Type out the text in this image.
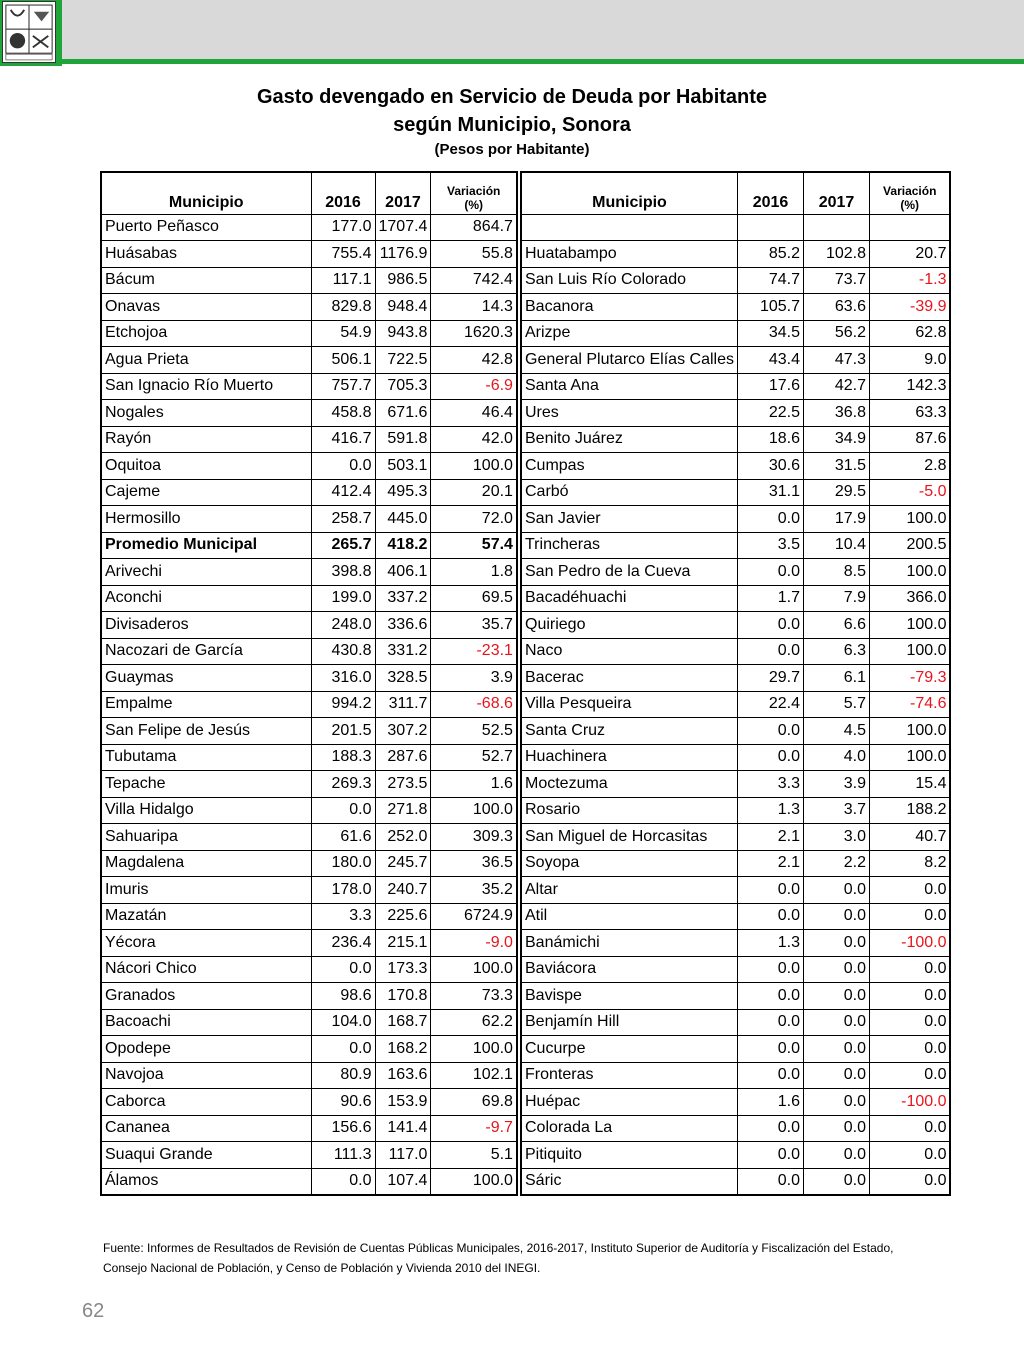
Gasto devengado en Servicio de Deuda por Habitante
según Municipio, Sonora
(Pesos por Habitante)
Municipio	2016	2017	Variación
(%)

Puerto Peñasco	177.0	1707.4	864.7
Huásabas	755.4	1176.9	55.8
Bácum	117.1	986.5	742.4
Onavas	829.8	948.4	14.3
Etchojoa	54.9	943.8	1620.3
Agua Prieta	506.1	722.5	42.8
San Ignacio Río Muerto	757.7	705.3	-6.9
Nogales	458.8	671.6	46.4
Rayón	416.7	591.8	42.0
Oquitoa	0.0	503.1	100.0
Cajeme	412.4	495.3	20.1
Hermosillo	258.7	445.0	72.0
Promedio Municipal	265.7	418.2	57.4
Arivechi	398.8	406.1	1.8
Aconchi	199.0	337.2	69.5
Divisaderos	248.0	336.6	35.7
Nacozari de García	430.8	331.2	-23.1
Guaymas	316.0	328.5	3.9
Empalme	994.2	311.7	-68.6
San Felipe de Jesús	201.5	307.2	52.5
Tubutama	188.3	287.6	52.7
Tepache	269.3	273.5	1.6
Villa Hidalgo	0.0	271.8	100.0
Sahuaripa	61.6	252.0	309.3
Magdalena	180.0	245.7	36.5
Imuris	178.0	240.7	35.2
Mazatán	3.3	225.6	6724.9
Yécora	236.4	215.1	-9.0
Nácori Chico	0.0	173.3	100.0
Granados	98.6	170.8	73.3
Bacoachi	104.0	168.7	62.2
Opodepe	0.0	168.2	100.0
Navojoa	80.9	163.6	102.1
Caborca	90.6	153.9	69.8
Cananea	156.6	141.4	-9.7
Suaqui Grande	111.3	117.0	5.1
Álamos	0.0	107.4	100.0
Municipio	2016	2017	Variación
(%)

Huatabampo	85.2	102.8	20.7
San Luis Río Colorado	74.7	73.7	-1.3
Bacanora	105.7	63.6	-39.9
Arizpe	34.5	56.2	62.8
General Plutarco Elías Calles	43.4	47.3	9.0
Santa Ana	17.6	42.7	142.3
Ures	22.5	36.8	63.3
Benito Juárez	18.6	34.9	87.6
Cumpas	30.6	31.5	2.8
Carbó	31.1	29.5	-5.0
San Javier	0.0	17.9	100.0
Trincheras	3.5	10.4	200.5
San Pedro de la Cueva	0.0	8.5	100.0
Bacadéhuachi	1.7	7.9	366.0
Quiriego	0.0	6.6	100.0
Naco	0.0	6.3	100.0
Bacerac	29.7	6.1	-79.3
Villa Pesqueira	22.4	5.7	-74.6
Santa Cruz	0.0	4.5	100.0
Huachinera	0.0	4.0	100.0
Moctezuma	3.3	3.9	15.4
Rosario	1.3	3.7	188.2
San Miguel de Horcasitas	2.1	3.0	40.7
Soyopa	2.1	2.2	8.2
Altar	0.0	0.0	0.0
Atil	0.0	0.0	0.0
Banámichi	1.3	0.0	-100.0
Baviácora	0.0	0.0	0.0
Bavispe	0.0	0.0	0.0
Benjamín Hill	0.0	0.0	0.0
Cucurpe	0.0	0.0	0.0
Fronteras	0.0	0.0	0.0
Huépac	1.6	0.0	-100.0
Colorada La	0.0	0.0	0.0
Pitiquito	0.0	0.0	0.0
Sáric	0.0	0.0	0.0
Fuente: Informes de Resultados de Revisión de Cuentas Públicas Municipales, 2016-2017, Instituto Superior de Auditoría y Fiscalización del Estado,
Consejo Nacional de Población, y Censo de Población y Vivienda 2010 del INEGI.
62
